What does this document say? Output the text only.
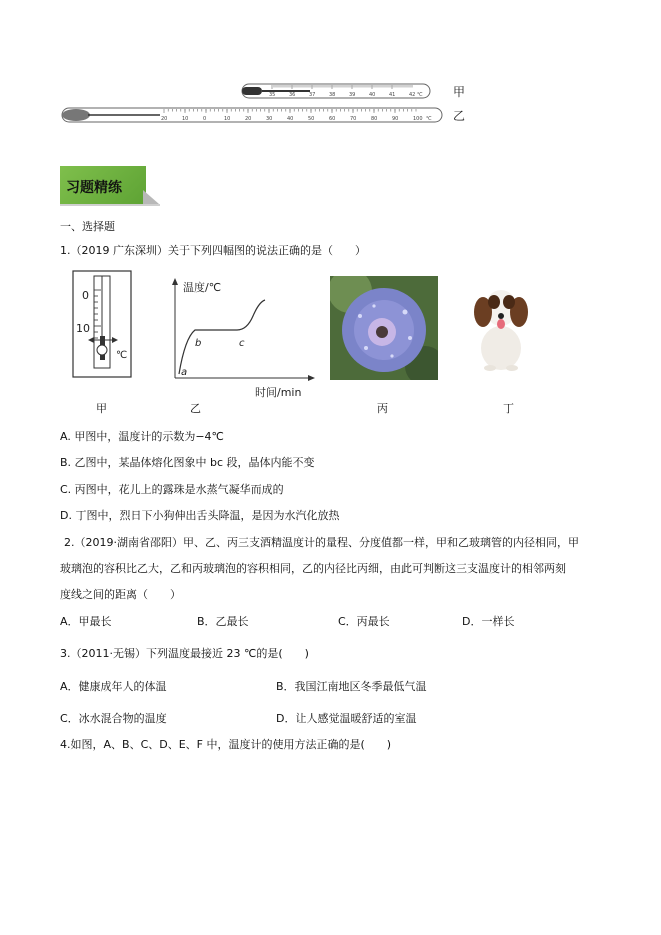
35	36	37	38	39	40	41	42 ℃	甲
20	10	0	10	20	30	40	50	60	70	80	90	100 ℃ 乙
习题精练
一、选择题
1.（2019 广东深圳）关于下列四幅图的说法正确的是（　　）
0
10
℃
甲
温度/℃
时间/min
a
b	c
乙	丙	丁
A. 甲图中，温度计的示数为−4℃
B. 乙图中，某晶体熔化图象中 bc 段，晶体内能不变
C. 丙图中，花儿上的露珠是水蒸气凝华而成的
D. 丁图中，烈日下小狗伸出舌头降温，是因为水汽化放热
2.（2019·湖南省邵阳）甲、乙、丙三支酒精温度计的量程、分度值都一样，甲和乙玻璃管的内径相同，甲
玻璃泡的容积比乙大，乙和丙玻璃泡的容积相同，乙的内径比丙细，由此可判断这三支温度计的相邻两刻
度线之间的距离（　　）
A．甲最长	B．乙最长	C．丙最长	D．一样长
3.（2011·无锡）下列温度最接近 23 ℃的是(　　)
A．健康成年人的体温	B．我国江南地区冬季最低气温
C．冰水混合物的温度	D．让人感觉温暖舒适的室温
4.如图，A、B、C、D、E、F 中，温度计的使用方法正确的是(　　)
